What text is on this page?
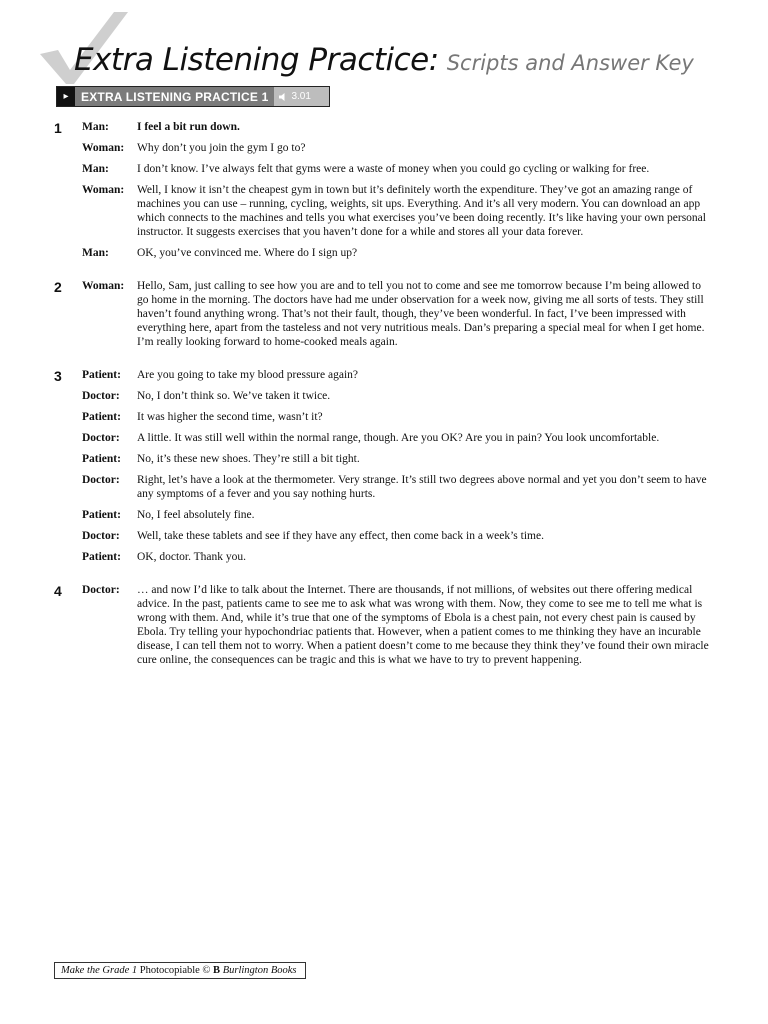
Extra Listening Practice: Scripts and Answer Key
▸	EXTRA LISTENING PRACTICE 1	3.01
1	Man:	I feel a bit run down.
Woman:	Why don’t you join the gym I go to?
Man:	I don’t know. I’ve always felt that gyms were a waste of money when you could go cycling or walking for free.
Woman:	Well, I know it isn’t the cheapest gym in town but it’s definitely worth the expenditure. They’ve got an amazing range of machines you can use – running, cycling, weights, sit ups. Everything. And it’s all very modern. You can download an app which connects to the machines and tells you what exercises you’ve been doing recently. It’s like having your own personal instructor. It suggests exercises that you haven’t done for a while and stores all your data forever.
Man:	OK, you’ve convinced me. Where do I sign up?
2	Woman:	Hello, Sam, just calling to see how you are and to tell you not to come and see me tomorrow because I’m being allowed to go home in the morning. The doctors have had me under observation for a week now, giving me all sorts of tests. They still haven’t found anything wrong. That’s not their fault, though, they’ve been wonderful. In fact, I’ve been impressed with everything here, apart from the tasteless and not very nutritious meals. Dan’s preparing a special meal for when I get home. I’m really looking forward to home-cooked meals again.
3	Patient:	Are you going to take my blood pressure again?
Doctor:	No, I don’t think so. We’ve taken it twice.
Patient:	It was higher the second time, wasn’t it?
Doctor:	A little. It was still well within the normal range, though. Are you OK? Are you in pain? You look uncomfortable.
Patient:	No, it’s these new shoes. They’re still a bit tight.
Doctor:	Right, let’s have a look at the thermometer. Very strange. It’s still two degrees above normal and yet you don’t seem to have any symptoms of a fever and you say nothing hurts.
Patient:	No, I feel absolutely fine.
Doctor:	Well, take these tablets and see if they have any effect, then come back in a week’s time.
Patient:	OK, doctor. Thank you.
4	Doctor:	… and now I’d like to talk about the Internet. There are thousands, if not millions, of websites out there offering medical advice. In the past, patients came to see me to ask what was wrong with them. Now, they come to see me to tell me what is wrong with them. And, while it’s true that one of the symptoms of Ebola is a chest pain, not every chest pain is caused by Ebola. Try telling your hypochondriac patients that. However, when a patient comes to me thinking they have an incurable disease, I can tell them not to worry. When a patient doesn’t come to me because they think they’ve found their own miracle cure online, the consequences can be tragic and this is what we have to try to prevent happening.
Make the Grade 1
Photocopiable ©
B
Burlington Books
